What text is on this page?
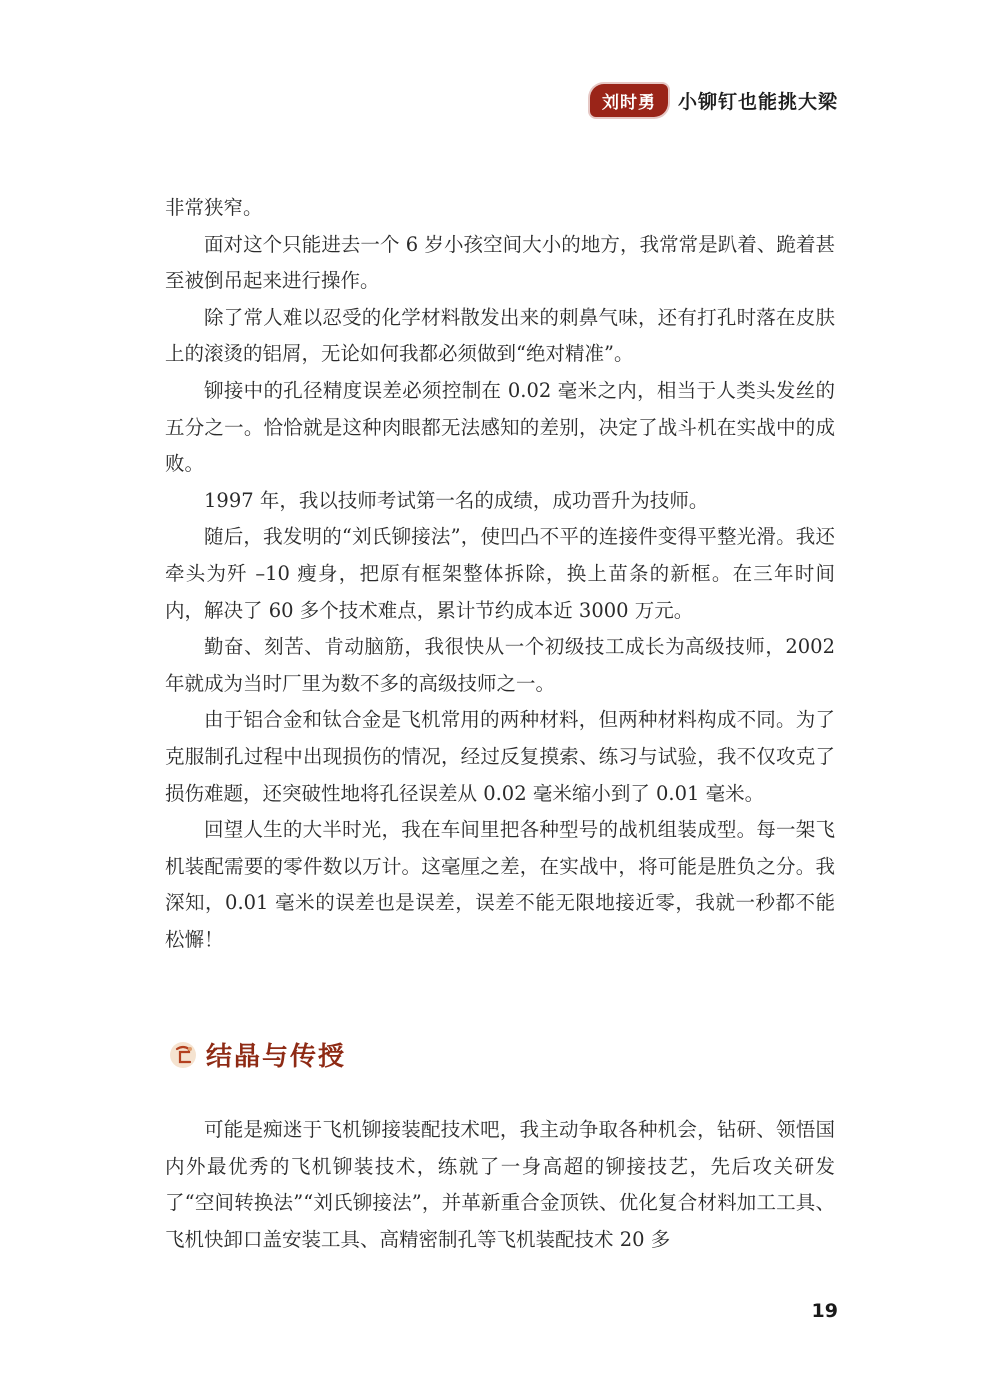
刘时勇	小铆钉也能挑大梁

非常狭窄。

面对这个只能进去一个 6 岁小孩空间大小的地方，我常常是趴着、跪着甚至被倒吊起来进行操作。

除了常人难以忍受的化学材料散发出来的刺鼻气味，还有打孔时落在皮肤上的滚烫的铝屑，无论如何我都必须做到“绝对精准”。

铆接中的孔径精度误差必须控制在 0.02 毫米之内，相当于人类头发丝的五分之一。恰恰就是这种肉眼都无法感知的差别，决定了战斗机在实战中的成败。

1997 年，我以技师考试第一名的成绩，成功晋升为技师。

随后，我发明的“刘氏铆接法”，使凹凸不平的连接件变得平整光滑。我还牵头为歼 –10 瘦身，把原有框架整体拆除，换上苗条的新框。在三年时间内，解决了 60 多个技术难点，累计节约成本近 3000 万元。

勤奋、刻苦、肯动脑筋，我很快从一个初级技工成长为高级技师，2002 年就成为当时厂里为数不多的高级技师之一。

由于铝合金和钛合金是飞机常用的两种材料，但两种材料构成不同。为了克服制孔过程中出现损伤的情况，经过反复摸索、练习与试验，我不仅攻克了损伤难题，还突破性地将孔径误差从 0.02 毫米缩小到了 0.01 毫米。

回望人生的大半时光，我在车间里把各种型号的战机组装成型。每一架飞机装配需要的零件数以万计。这毫厘之差，在实战中，将可能是胜负之分。我深知，0.01 毫米的误差也是误差，误差不能无限地接近零，我就一秒都不能松懈！

结晶与传授

可能是痴迷于飞机铆接装配技术吧，我主动争取各种机会，钻研、领悟国内外最优秀的飞机铆装技术，练就了一身高超的铆接技艺，先后攻关研发了“空间转换法”“刘氏铆接法”，并革新重合金顶铁、优化复合材料加工工具、飞机快卸口盖安装工具、高精密制孔等飞机装配技术 20 多

19
